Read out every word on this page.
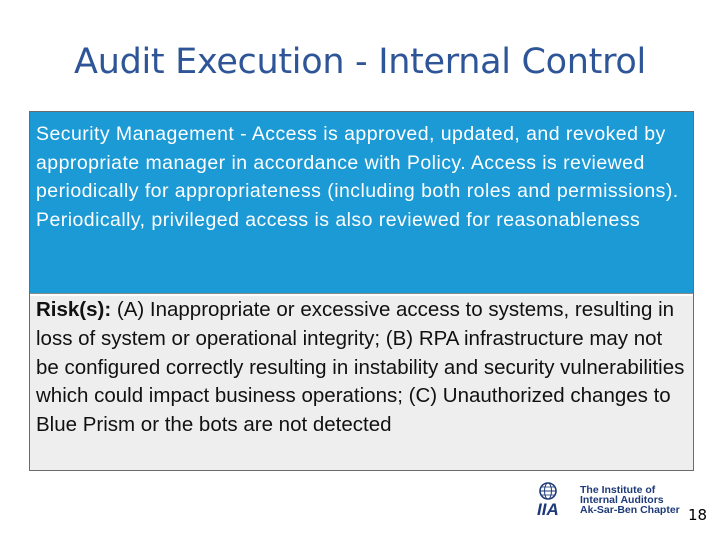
Audit Execution - Internal Control
Security Management - Access is approved, updated, and revoked by appropriate manager in accordance with Policy. Access is reviewed periodically for appropriateness (including both roles and permissions). Periodically, privileged access is also reviewed for reasonableness
Risk(s): (A) Inappropriate or excessive access to systems, resulting in loss of system or operational integrity; (B) RPA infrastructure may not be configured correctly resulting in instability and security vulnerabilities which could impact business operations; (C) Unauthorized changes to Blue Prism or the bots are not detected
IIA
The Institute of
Internal Auditors
Ak-Sar-Ben Chapter 18
